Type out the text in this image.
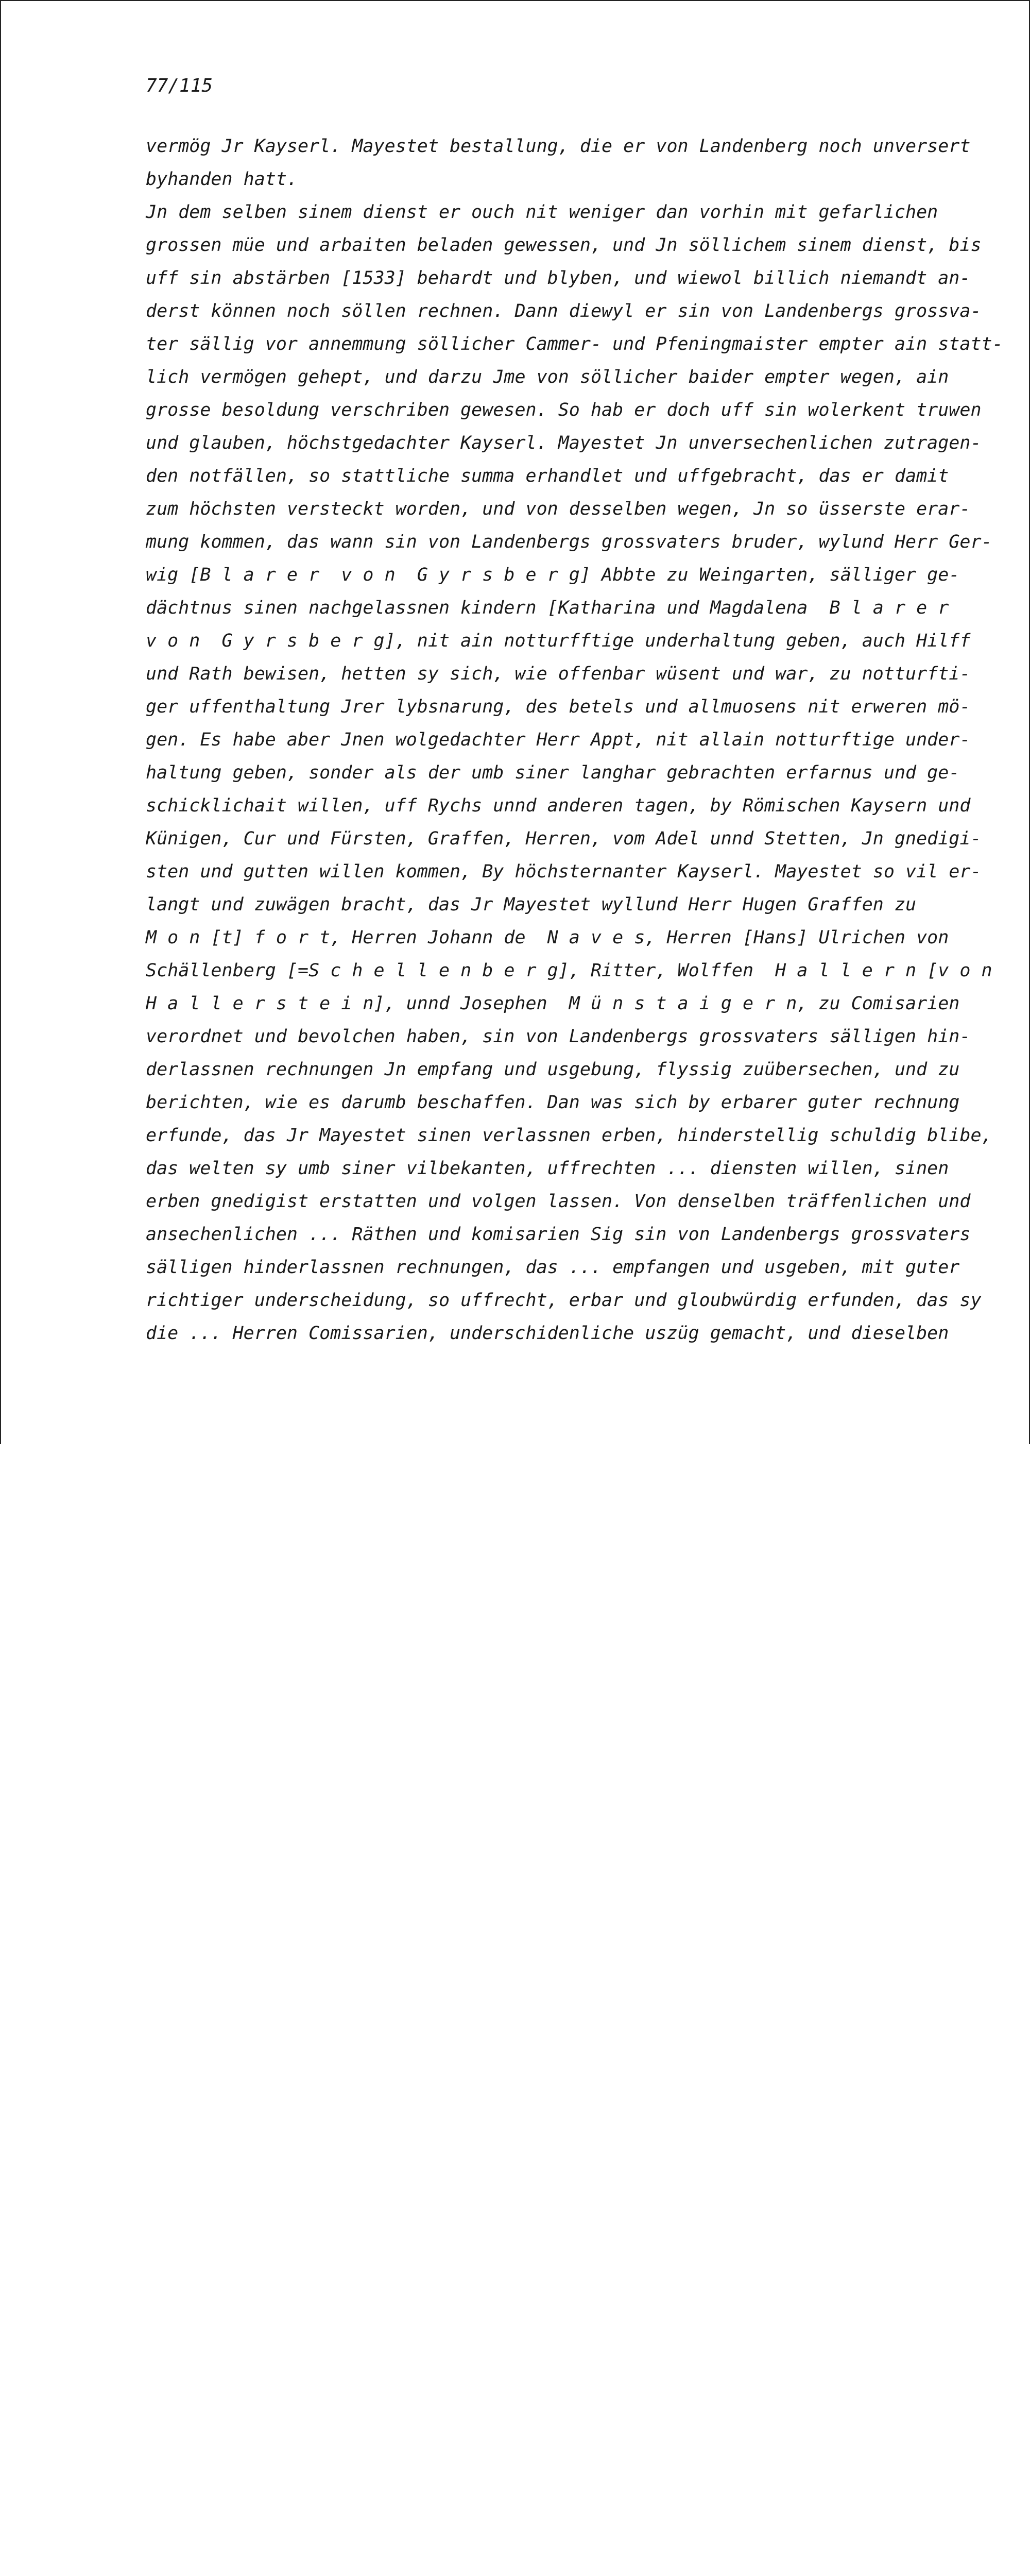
77/115

vermög Jr Kayserl. Mayestet bestallung, die er von Landenberg noch unversert
byhanden hatt.
Jn dem selben sinem dienst er ouch nit weniger dan vorhin mit gefarlichen
grossen müe und arbaiten beladen gewessen, und Jn söllichem sinem dienst, bis
uff sin abstärben [1533] behardt und blyben, und wiewol billich niemandt an-
derst können noch söllen rechnen. Dann diewyl er sin von Landenbergs grossva-
ter sällig vor annemmung söllicher Cammer- und Pfeningmaister empter ain statt-
lich vermögen gehept, und darzu Jme von söllicher baider empter wegen, ain
grosse besoldung verschriben gewesen. So hab er doch uff sin wolerkent truwen
und glauben, höchstgedachter Kayserl. Mayestet Jn unversechenlichen zutragen-
den notfällen, so stattliche summa erhandlet und uffgebracht, das er damit
zum höchsten versteckt worden, und von desselben wegen, Jn so üsserste erar-
mung kommen, das wann sin von Landenbergs grossvaters bruder, wylund Herr Ger-
wig [B l a r e r  v o n  G y r s b e r g] Abbte zu Weingarten, sälliger ge-
dächtnus sinen nachgelassnen kindern [Katharina und Magdalena  B l a r e r
v o n  G y r s b e r g], nit ain notturfftige underhaltung geben, auch Hilff
und Rath bewisen, hetten sy sich, wie offenbar wüsent und war, zu notturfti-
ger uffenthaltung Jrer lybsnarung, des betels und allmuosens nit erweren mö-
gen. Es habe aber Jnen wolgedachter Herr Appt, nit allain notturftige under-
haltung geben, sonder als der umb siner langhar gebrachten erfarnus und ge-
schicklichait willen, uff Rychs unnd anderen tagen, by Römischen Kaysern und
Künigen, Cur und Fürsten, Graffen, Herren, vom Adel unnd Stetten, Jn gnedigi-
sten und gutten willen kommen, By höchsternanter Kayserl. Mayestet so vil er-
langt und zuwägen bracht, das Jr Mayestet wyllund Herr Hugen Graffen zu
M o n [t] f o r t, Herren Johann de  N a v e s, Herren [Hans] Ulrichen von
Schällenberg [=S c h e l l e n b e r g], Ritter, Wolffen  H a l l e r n [v o n
H a l l e r s t e i n], unnd Josephen  M ü n s t a i g e r n, zu Comisarien
verordnet und bevolchen haben, sin von Landenbergs grossvaters sälligen hin-
derlassnen rechnungen Jn empfang und usgebung, flyssig zuübersechen, und zu
berichten, wie es darumb beschaffen. Dan was sich by erbarer guter rechnung
erfunde, das Jr Mayestet sinen verlassnen erben, hinderstellig schuldig blibe,
das welten sy umb siner vilbekanten, uffrechten ... diensten willen, sinen
erben gnedigist erstatten und volgen lassen. Von denselben träffenlichen und
ansechenlichen ... Räthen und komisarien Sig sin von Landenbergs grossvaters
sälligen hinderlassnen rechnungen, das ... empfangen und usgeben, mit guter
richtiger underscheidung, so uffrecht, erbar und gloubwürdig erfunden, das sy
die ... Herren Comissarien, underschidenliche uszüg gemacht, und dieselben
